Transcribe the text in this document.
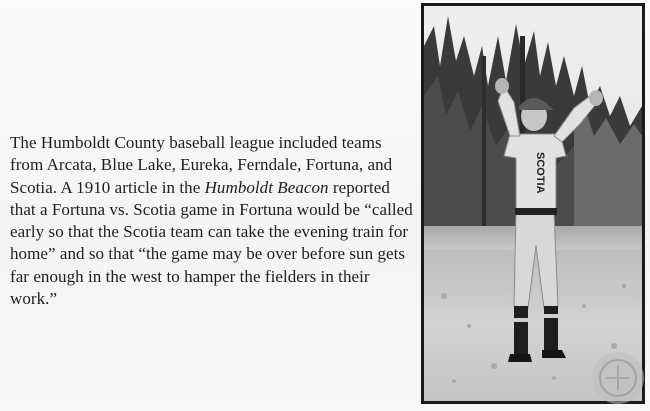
The Humboldt County baseball league included teams from Arcata, Blue Lake, Eureka, Ferndale, Fortuna, and Scotia. A 1910 article in the Humboldt Beacon reported that a Fortuna vs. Scotia game in Fortuna would be “called early so that the Scotia team can take the evening train for home” and so that “the game may be over before sun gets far enough in the west to hamper the fielders in their work.”

SCOTIA
